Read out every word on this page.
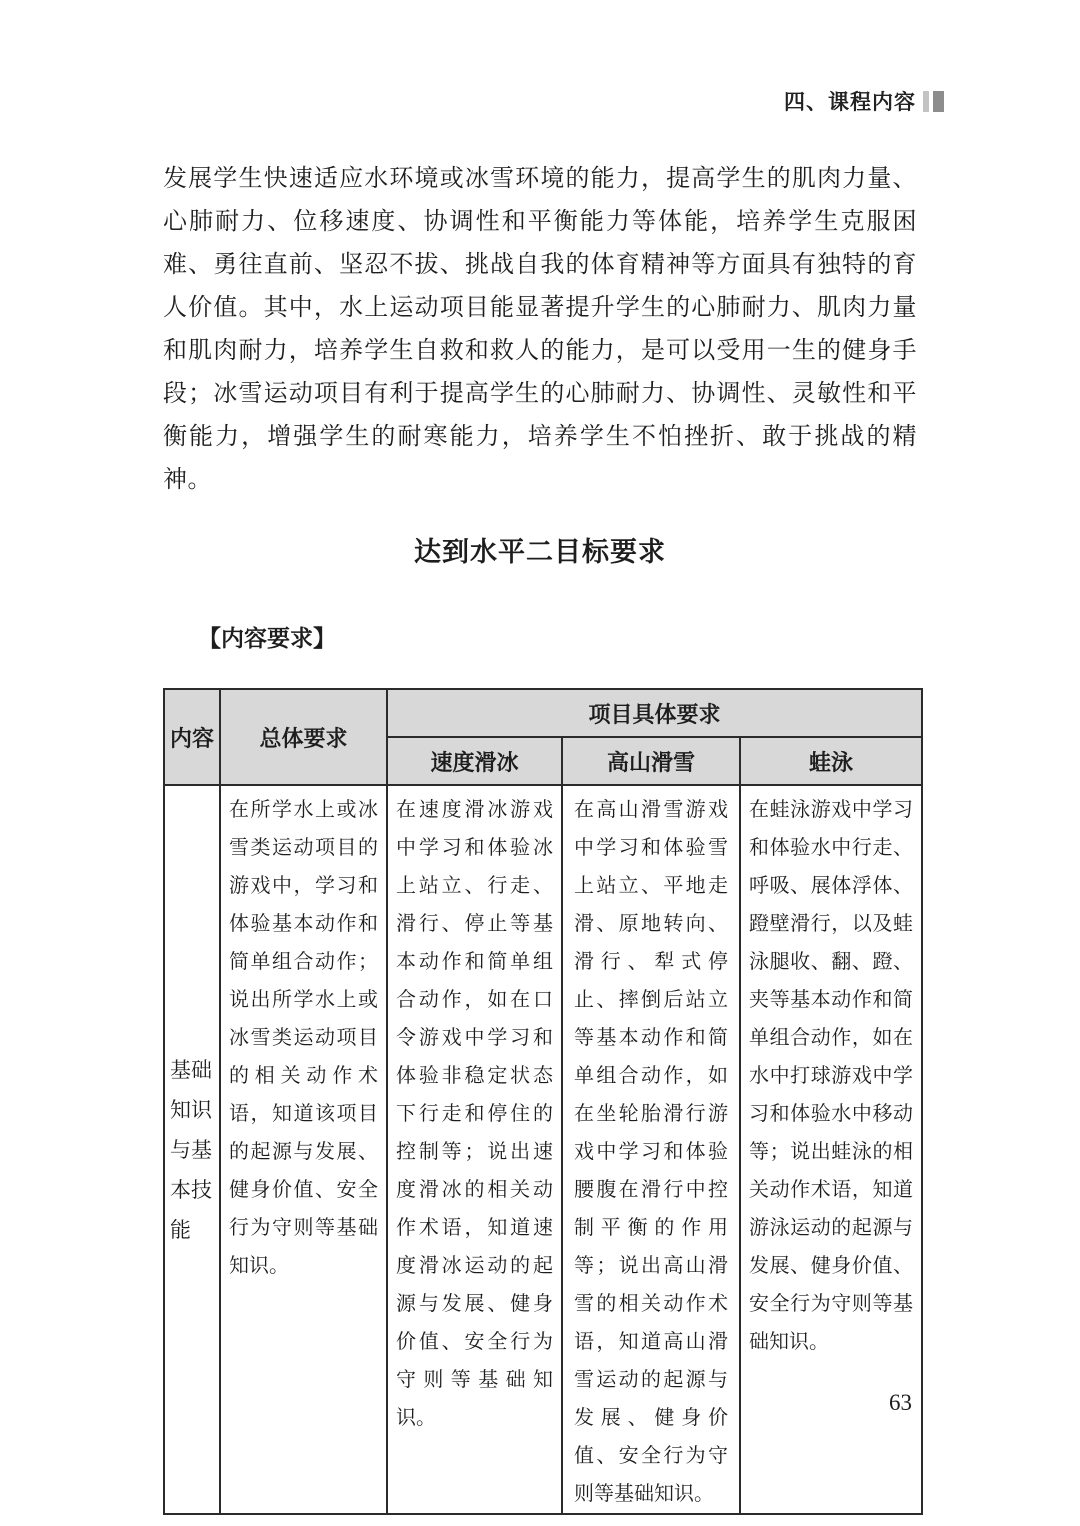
四、课程内容

发展学生快速适应水环境或冰雪环境的能力，提高学生的肌肉力量、心肺耐力、位移速度、协调性和平衡能力等体能，培养学生克服困难、勇往直前、坚忍不拔、挑战自我的体育精神等方面具有独特的育人价值。其中，水上运动项目能显著提升学生的心肺耐力、肌肉力量和肌肉耐力，培养学生自救和救人的能力，是可以受用一生的健身手段；冰雪运动项目有利于提高学生的心肺耐力、协调性、灵敏性和平衡能力，增强学生的耐寒能力，培养学生不怕挫折、敢于挑战的精神。

达到水平二目标要求
【内容要求】
内容	总体要求	项目具体要求		
		速度滑冰	高山滑雪	蛙泳

基础知识与基本技能	在所学水上或冰雪类运动项目的游戏中，学习和体验基本动作和简单组合动作；说出所学水上或冰雪类运动项目的相关动作术语，知道该项目的起源与发展、健身价值、安全行为守则等基础知识。	在速度滑冰游戏中学习和体验冰上站立、行走、滑行、停止等基本动作和简单组合动作，如在口令游戏中学习和体验非稳定状态下行走和停住的控制等；说出速度滑冰的相关动作术语，知道速度滑冰运动的起源与发展、健身价值、安全行为守则等基础知识。	在高山滑雪游戏中学习和体验雪上站立、平地走滑、原地转向、滑行、犁式停止、摔倒后站立等基本动作和简单组合动作，如在坐轮胎滑行游戏中学习和体验腰腹在滑行中控制平衡的作用等；说出高山滑雪的相关动作术语，知道高山滑雪运动的起源与发展、健身价值、安全行为守则等基础知识。	在蛙泳游戏中学习和体验水中行走、呼吸、展体浮体、蹬壁滑行，以及蛙泳腿收、翻、蹬、夹等基本动作和简单组合动作，如在水中打球游戏中学习和体验水中移动等；说出蛙泳的相关动作术语，知道游泳运动的起源与发展、健身价值、安全行为守则等基础知识。
63
